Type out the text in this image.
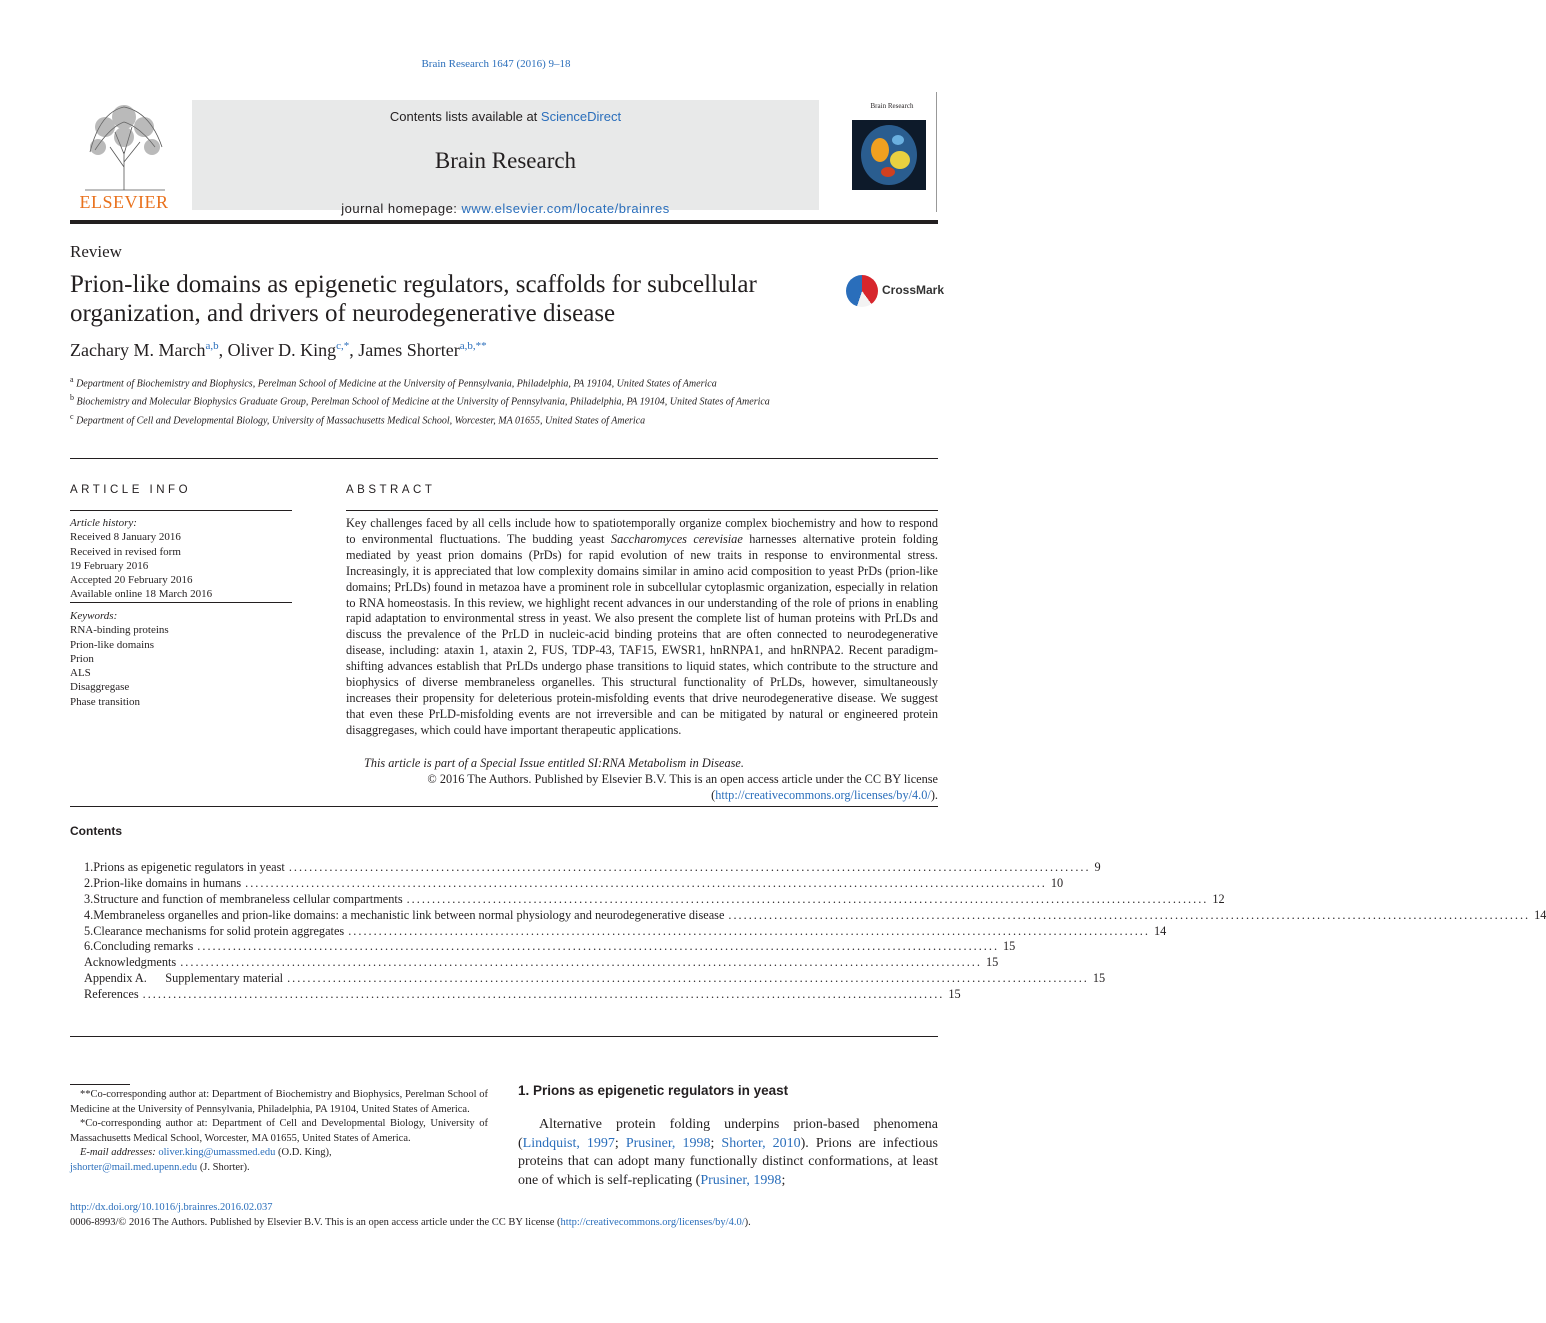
Brain Research 1647 (2016) 9–18
ELSEVIER
Contents lists available at ScienceDirect
Brain Research
journal homepage: www.elsevier.com/locate/brainres
Brain Research
Review
Prion-like domains as epigenetic regulators, scaffolds for subcellular organization, and drivers of neurodegenerative disease
CrossMark
Zachary M. March$^{a,b}$, Oliver D. King$^{c,*}$, James Shorter$^{a,b,**}$
$^a$ Department of Biochemistry and Biophysics, Perelman School of Medicine at the University of Pennsylvania, Philadelphia, PA 19104, United States of America
$^b$ Biochemistry and Molecular Biophysics Graduate Group, Perelman School of Medicine at the University of Pennsylvania, Philadelphia, PA 19104, United States of America
$^c$ Department of Cell and Developmental Biology, University of Massachusetts Medical School, Worcester, MA 01655, United States of America
ARTICLE INFO
Article history:
Received 8 January 2016
Received in revised form
19 February 2016
Accepted 20 February 2016
Available online 18 March 2016
Keywords:
RNA-binding proteins
Prion-like domains
Prion
ALS
Disaggregase
Phase transition
ABSTRACT
Key challenges faced by all cells include how to spatiotemporally organize complex biochemistry and how to respond to environmental fluctuations. The budding yeast Saccharomyces cerevisiae harnesses alternative protein folding mediated by yeast prion domains (PrDs) for rapid evolution of new traits in response to environmental stress. Increasingly, it is appreciated that low complexity domains similar in amino acid composition to yeast PrDs (prion-like domains; PrLDs) found in metazoa have a prominent role in subcellular cytoplasmic organization, especially in relation to RNA homeostasis. In this review, we highlight recent advances in our understanding of the role of prions in enabling rapid adaptation to environmental stress in yeast. We also present the complete list of human proteins with PrLDs and discuss the prevalence of the PrLD in nucleic-acid binding proteins that are often connected to neurodegenerative disease, including: ataxin 1, ataxin 2, FUS, TDP-43, TAF15, EWSR1, hnRNPA1, and hnRNPA2. Recent paradigm-shifting advances establish that PrLDs undergo phase transitions to liquid states, which contribute to the structure and biophysics of diverse membraneless organelles. This structural functionality of PrLDs, however, simultaneously increases their propensity for deleterious protein-misfolding events that drive neurodegenerative disease. We suggest that even these PrLD-misfolding events are not irreversible and can be mitigated by natural or engineered protein disaggregases, which could have important therapeutic applications.
This article is part of a Special Issue entitled SI:RNA Metabolism in Disease.
© 2016 The Authors. Published by Elsevier B.V. This is an open access article under the CC BY license
(http://creativecommons.org/licenses/by/4.0/).
Contents
1. Prions as epigenetic regulators in yeast .............................................................................................................................................................. 9
2. Prion-like domains in humans .............................................................................................................................................................. 10
3. Structure and function of membraneless cellular compartments .............................................................................................................................................................. 12
4. Membraneless organelles and prion-like domains: a mechanistic link between normal physiology and neurodegenerative disease .............................................................................................................................................................. 14
5. Clearance mechanisms for solid protein aggregates .............................................................................................................................................................. 14
6. Concluding remarks .............................................................................................................................................................. 15
Acknowledgments .............................................................................................................................................................. 15
Appendix A.      Supplementary material .............................................................................................................................................................. 15
References .............................................................................................................................................................. 15
**Co-corresponding author at: Department of Biochemistry and Biophysics, Perelman School of Medicine at the University of Pennsylvania, Philadelphia, PA 19104, United States of America.
*Co-corresponding author at: Department of Cell and Developmental Biology, University of Massachusetts Medical School, Worcester, MA 01655, United States of America.
E-mail addresses: oliver.king@umassmed.edu (O.D. King),
jshorter@mail.med.upenn.edu (J. Shorter).
1. Prions as epigenetic regulators in yeast
  Alternative protein folding underpins prion-based phenomena (Lindquist, 1997; Prusiner, 1998; Shorter, 2010). Prions are infectious proteins that can adopt many functionally distinct conformations, at least one of which is self-replicating (Prusiner, 1998;
http://dx.doi.org/10.1016/j.brainres.2016.02.037
0006-8993/© 2016 The Authors. Published by Elsevier B.V. This is an open access article under the CC BY license (http://creativecommons.org/licenses/by/4.0/).
